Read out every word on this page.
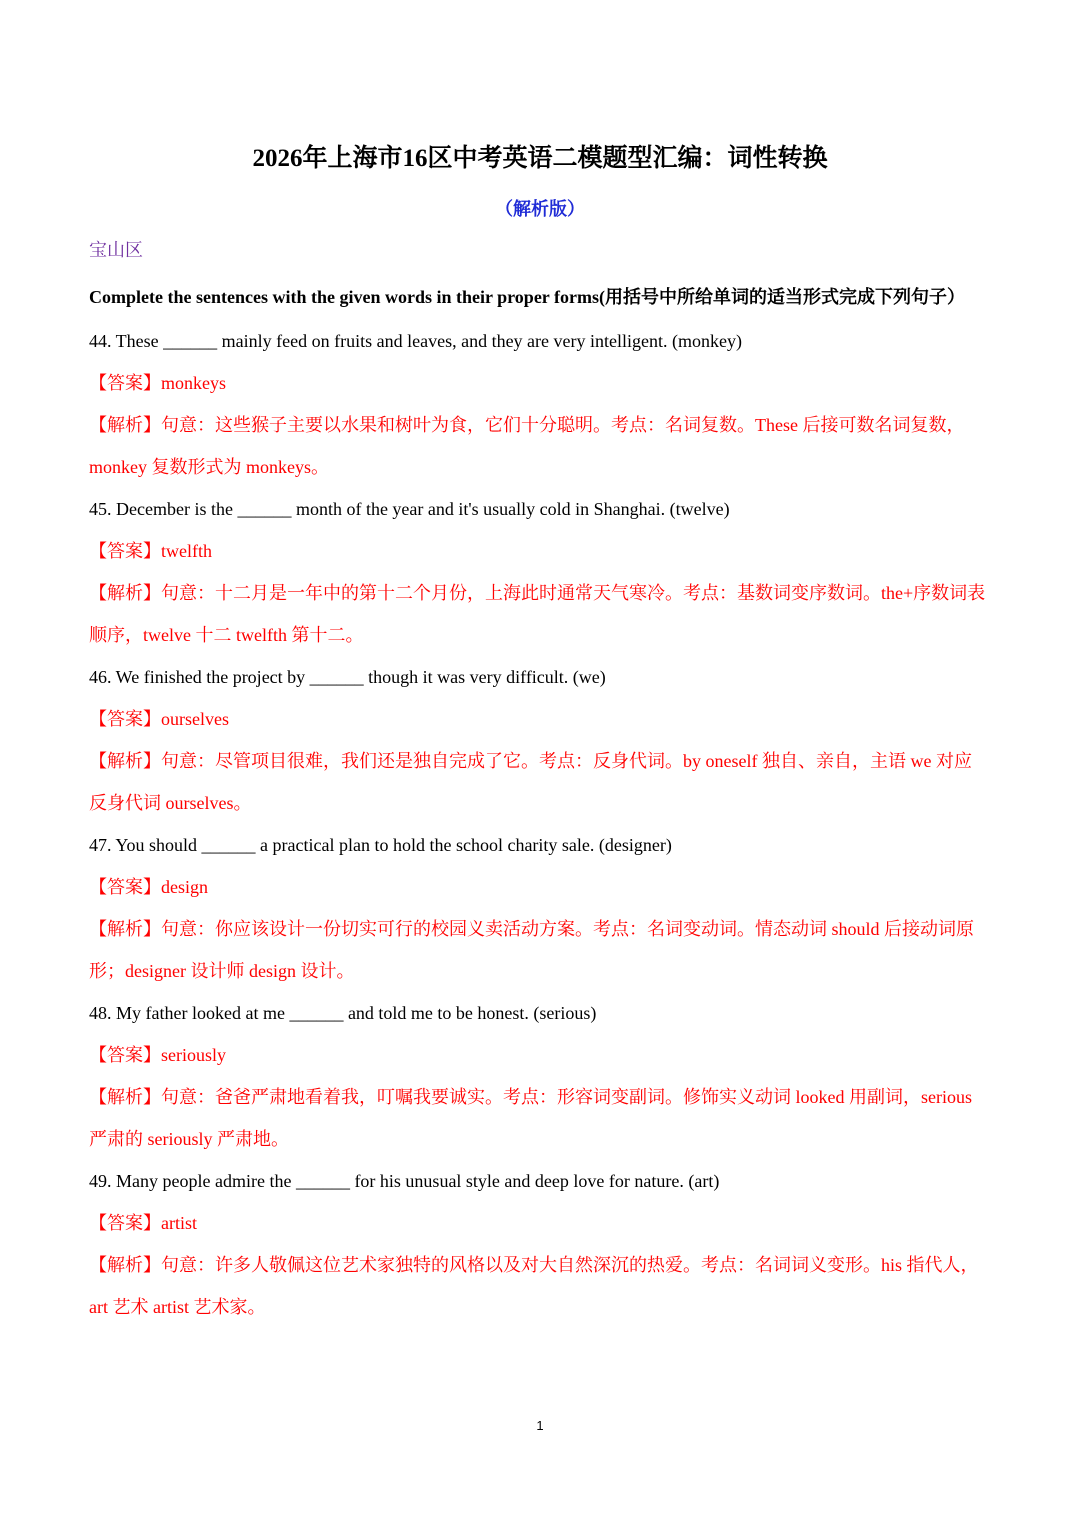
2026年上海市16区中考英语二模题型汇编：词性转换
（解析版）

宝山区

Complete the sentences with the given words in their proper forms(用括号中所给单词的适当形式完成下列句子）

44. These ______ mainly feed on fruits and leaves, and they are very intelligent. (monkey)

【答案】monkeys

【解析】句意：这些猴子主要以水果和树叶为食，它们十分聪明。考点：名词复数。These 后接可数名词复数，monkey 复数形式为 monkeys。

45. December is the ______ month of the year and it's usually cold in Shanghai. (twelve)

【答案】twelfth

【解析】句意：十二月是一年中的第十二个月份，上海此时通常天气寒冷。考点：基数词变序数词。the+序数词表顺序，twelve 十二 twelfth 第十二。

46. We finished the project by ______ though it was very difficult. (we)

【答案】ourselves

【解析】句意：尽管项目很难，我们还是独自完成了它。考点：反身代词。by oneself 独自、亲自，主语 we 对应反身代词 ourselves。

47. You should ______ a practical plan to hold the school charity sale. (designer)

【答案】design

【解析】句意：你应该设计一份切实可行的校园义卖活动方案。考点：名词变动词。情态动词 should 后接动词原形；designer 设计师 design 设计。

48. My father looked at me ______ and told me to be honest. (serious)

【答案】seriously

【解析】句意：爸爸严肃地看着我，叮嘱我要诚实。考点：形容词变副词。修饰实义动词 looked 用副词，serious 严肃的 seriously 严肃地。

49. Many people admire the ______ for his unusual style and deep love for nature. (art)

【答案】artist

【解析】句意：许多人敬佩这位艺术家独特的风格以及对大自然深沉的热爱。考点：名词词义变形。his 指代人，art 艺术 artist 艺术家。

1
